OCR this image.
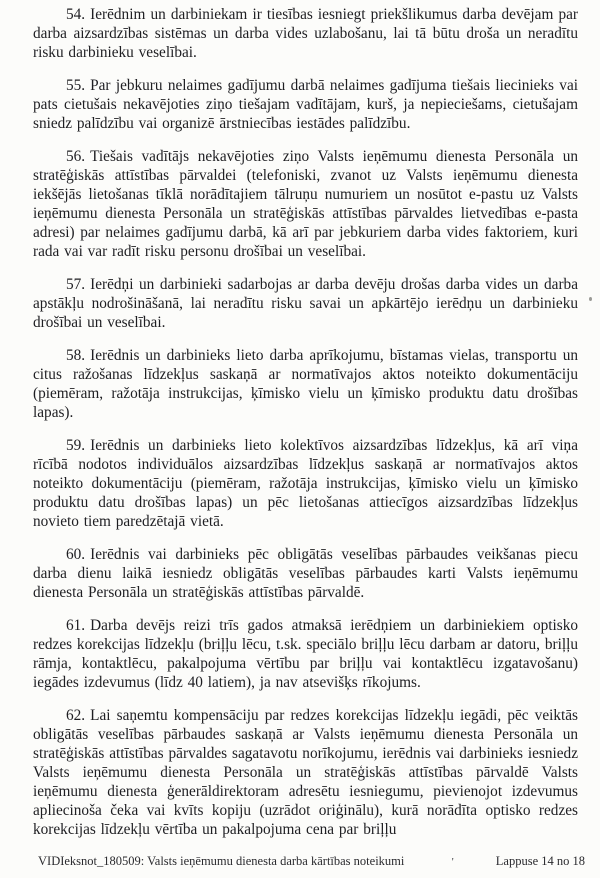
54. Ierēdnim un darbiniekam ir tiesības iesniegt priekšlikumus darba devējam par darba aizsardzības sistēmas un darba vides uzlabošanu, lai tā būtu droša un neradītu risku darbinieku veselībai.

55. Par jebkuru nelaimes gadījumu darbā nelaimes gadījuma tiešais liecinieks vai pats cietušais nekavējoties ziņo tiešajam vadītājam, kurš, ja nepieciešams, cietušajam sniedz palīdzību vai organizē ārstniecības iestādes palīdzību.

56. Tiešais vadītājs nekavējoties ziņo Valsts ieņēmumu dienesta Personāla un stratēģiskās attīstības pārvaldei (telefoniski, zvanot uz Valsts ieņēmumu dienesta iekšējās lietošanas tīklā norādītajiem tālruņu numuriem un nosūtot e-pastu uz Valsts ieņēmumu dienesta Personāla un stratēģiskās attīstības pārvaldes lietvedības e-pasta adresi) par nelaimes gadījumu darbā, kā arī par jebkuriem darba vides faktoriem, kuri rada vai var radīt risku personu drošībai un veselībai.

57. Ierēdņi un darbinieki sadarbojas ar darba devēju drošas darba vides un darba apstākļu nodrošināšanā, lai neradītu risku savai un apkārtējo ierēdņu un darbinieku drošībai un veselībai.

58. Ierēdnis un darbinieks lieto darba aprīkojumu, bīstamas vielas, transportu un citus ražošanas līdzekļus saskaņā ar normatīvajos aktos noteikto dokumentāciju (piemēram, ražotāja instrukcijas, ķīmisko vielu un ķīmisko produktu datu drošības lapas).

59. Ierēdnis un darbinieks lieto kolektīvos aizsardzības līdzekļus, kā arī viņa rīcībā nodotos individuālos aizsardzības līdzekļus saskaņā ar normatīvajos aktos noteikto dokumentāciju (piemēram, ražotāja instrukcijas, ķīmisko vielu un ķīmisko produktu datu drošības lapas) un pēc lietošanas attiecīgos aizsardzības līdzekļus novieto tiem paredzētajā vietā.

60. Ierēdnis vai darbinieks pēc obligātās veselības pārbaudes veikšanas piecu darba dienu laikā iesniedz obligātās veselības pārbaudes karti Valsts ieņēmumu dienesta Personāla un stratēģiskās attīstības pārvaldē.

61. Darba devējs reizi trīs gados atmaksā ierēdņiem un darbiniekiem optisko redzes korekcijas līdzekļu (briļļu lēcu, t.sk. speciālo briļļu lēcu darbam ar datoru, briļļu rāmja, kontaktlēcu, pakalpojuma vērtību par briļļu vai kontaktlēcu izgatavošanu) iegādes izdevumus (līdz 40 latiem), ja nav atsevišķs rīkojums.

62. Lai saņemtu kompensāciju par redzes korekcijas līdzekļu iegādi, pēc veiktās obligātās veselības pārbaudes saskaņā ar Valsts ieņēmumu dienesta Personāla un stratēģiskās attīstības pārvaldes sagatavotu norīkojumu, ierēdnis vai darbinieks iesniedz Valsts ieņēmumu dienesta Personāla un stratēģiskās attīstības pārvaldē Valsts ieņēmumu dienesta ģenerāldirektoram adresētu iesniegumu, pievienojot izdevumus apliecinoša čeka vai kvīts kopiju (uzrādot oriģinālu), kurā norādīta optisko redzes korekcijas līdzekļu vērtība un pakalpojuma cena par briļļu

VIDIeksnot_180509: Valsts ieņēmumu dienesta darba kārtības noteikumi	'	Lappuse 14 no 18
